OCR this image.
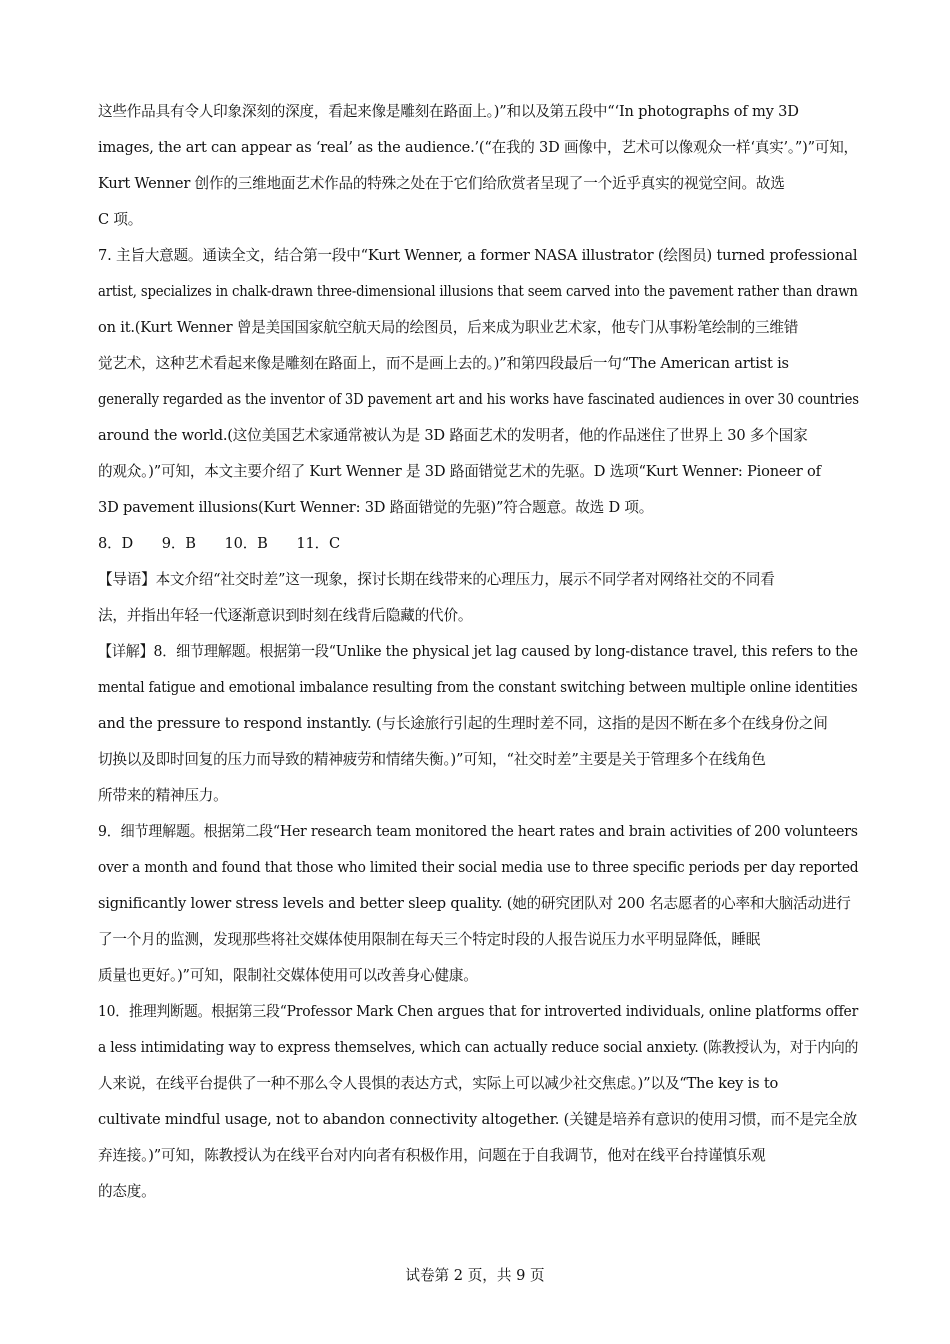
这些作品具有令人印象深刻的深度，看起来像是雕刻在路面上。)”和以及第五段中“‘In photographs of my 3D
images, the art can appear as ‘real’ as the audience.’(“在我的 3D 画像中，艺术可以像观众一样‘真实’。”)”可知，
Kurt Wenner 创作的三维地面艺术作品的特殊之处在于它们给欣赏者呈现了一个近乎真实的视觉空间。故选
C 项。
7. 主旨大意题。通读全文，结合第一段中“Kurt Wenner, a former NASA illustrator (绘图员) turned professional
artist, specializes in chalk-drawn three-dimensional illusions that seem carved into the pavement rather than drawn
on it.(Kurt Wenner 曾是美国国家航空航天局的绘图员，后来成为职业艺术家，他专门从事粉笔绘制的三维错
觉艺术，这种艺术看起来像是雕刻在路面上，而不是画上去的。)”和第四段最后一句“The American artist is
generally regarded as the inventor of 3D pavement art and his works have fascinated audiences in over 30 countries
around the world.(这位美国艺术家通常被认为是 3D 路面艺术的发明者，他的作品迷住了世界上 30 多个国家
的观众。)”可知，本文主要介绍了 Kurt Wenner 是 3D 路面错觉艺术的先驱。D 选项“Kurt Wenner: Pioneer of
3D pavement illusions(Kurt Wenner: 3D 路面错觉的先驱)”符合题意。故选 D 项。
8．D　　9．B　　10．B　　11．C
【导语】本文介绍“社交时差”这一现象，探讨长期在线带来的心理压力，展示不同学者对网络社交的不同看
法，并指出年轻一代逐渐意识到时刻在线背后隐藏的代价。
【详解】8．细节理解题。根据第一段“Unlike the physical jet lag caused by long-distance travel, this refers to the
mental fatigue and emotional imbalance resulting from the constant switching between multiple online identities
and the pressure to respond instantly. (与长途旅行引起的生理时差不同，这指的是因不断在多个在线身份之间
切换以及即时回复的压力而导致的精神疲劳和情绪失衡。)”可知，“社交时差”主要是关于管理多个在线角色
所带来的精神压力。
9．细节理解题。根据第二段“Her research team monitored the heart rates and brain activities of 200 volunteers
over a month and found that those who limited their social media use to three specific periods per day reported
significantly lower stress levels and better sleep quality. (她的研究团队对 200 名志愿者的心率和大脑活动进行
了一个月的监测，发现那些将社交媒体使用限制在每天三个特定时段的人报告说压力水平明显降低，睡眠
质量也更好。)”可知，限制社交媒体使用可以改善身心健康。
10．推理判断题。根据第三段“Professor Mark Chen argues that for introverted individuals, online platforms offer
a less intimidating way to express themselves, which can actually reduce social anxiety. (陈教授认为，对于内向的
人来说，在线平台提供了一种不那么令人畏惧的表达方式，实际上可以减少社交焦虑。)”以及“The key is to
cultivate mindful usage, not to abandon connectivity altogether. (关键是培养有意识的使用习惯，而不是完全放
弃连接。)”可知，陈教授认为在线平台对内向者有积极作用，问题在于自我调节，他对在线平台持谨慎乐观
的态度。
试卷第 2 页，共 9 页
